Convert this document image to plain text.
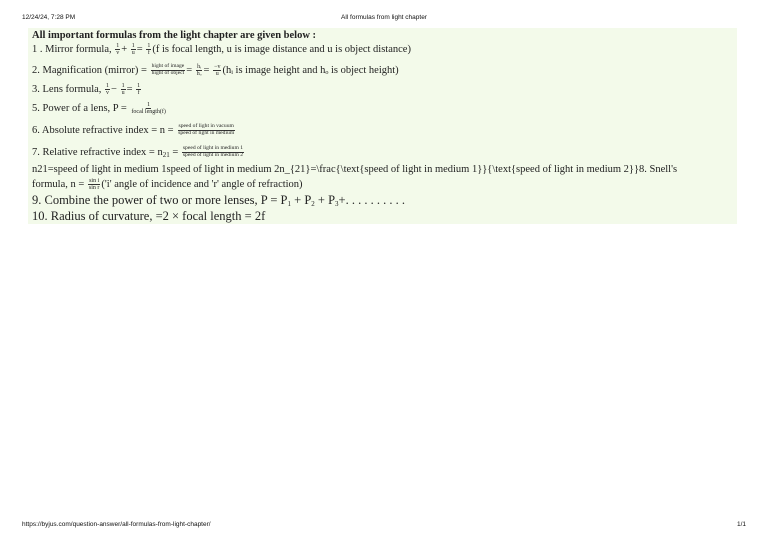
12/24/24, 7:28 PM	All formulas from light chapter
All important formulas from the light chapter are given below :
1 . Mirror formula, $\frac{1}{v} + \frac{1}{u} = \frac{1}{f} (f$ is focal length, u is image distance and u is object distance)
2. Magnification (mirror) = hight of image
hight of object = $\frac{\text{hᵢ}}{\text{hₒ}} = \frac{-v}{u}$ (hᵢ is image height and hₒ is object height)
3. Lens formula, $\frac{1}{v} - \frac{1}{u} = \frac{1}{f}$
5. Power of a lens, P =	1
focal length(f)
6. Absolute refractive index = n = speed of light in vacuum
speed of light in medium
7. Relative refractive index = $n_{21}$ = speed of light in medium 1
speed of light in medium 2
n21=speed of light in medium 1speed of light in medium 2n_{21}=\frac{\text{speed of light in medium 1}}{\text{speed of light in medium 2}}8. Snell's
formula, $n = \frac{\text{sin i}}{\text{sin r}} ('i'$ angle of incidence and 'r' angle of refraction)
9. Combine the power of two or more lenses, $P = P_1 + P_2 + P_3+$. . . . . . . . . .
10. Radius of curvature, =2 × focal length = 2f
https://byjus.com/question-answer/all-formulas-from-light-chapter/	1/1
